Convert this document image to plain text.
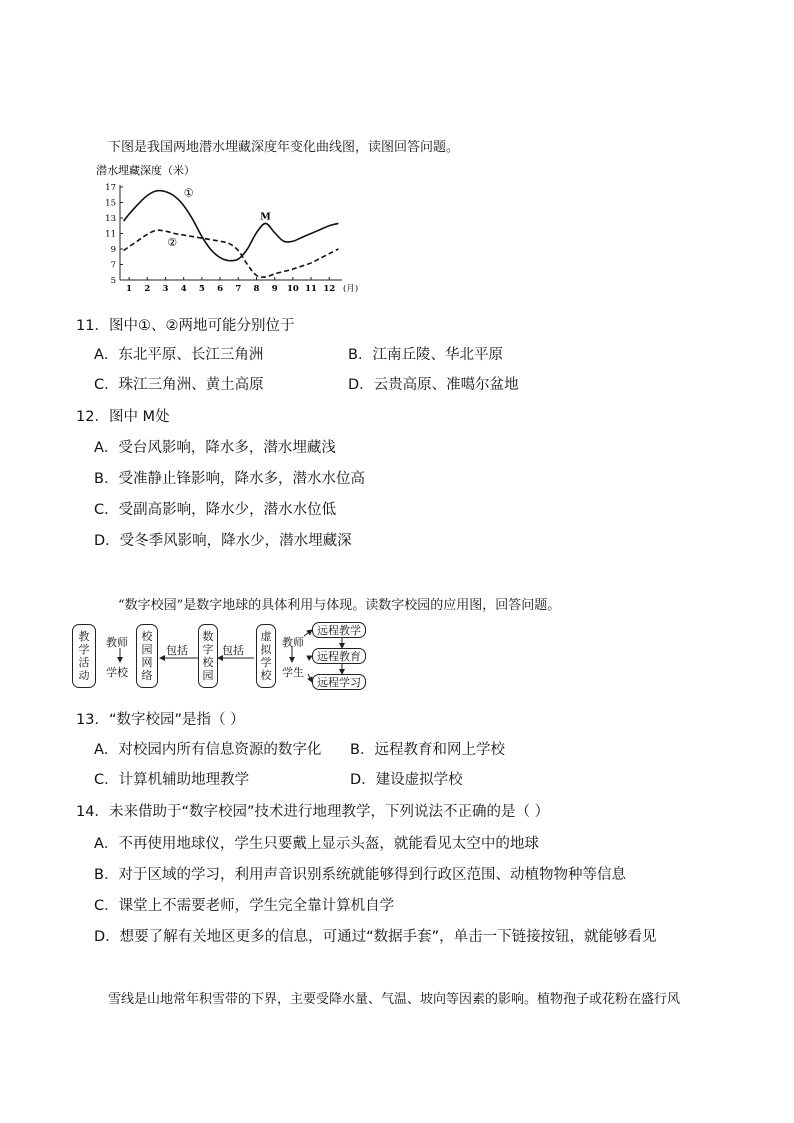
下图是我国两地潜水埋藏深度年变化曲线图，读图回答问题。
潜水埋藏深度（米）
17
15
13
11
9
7
5
1 2 3 4 5 6 7 8 9 10 11 12 (月)
①
②
M
11．图中①、②两地可能分别位于
A．东北平原、长江三角洲	B．江南丘陵、华北平原
C．珠江三角洲、黄土高原	D．云贵高原、准噶尔盆地
12．图中 M处
A．受台风影响，降水多，潜水埋藏浅
B．受准静止锋影响，降水多，潜水水位高
C．受副高影响，降水少，潜水水位低
D．受冬季风影响，降水少，潜水埋藏深
“数字校园”是数字地球的具体利用与体现。读数字校园的应用图，回答问题。
教学活动
教师
学校
校园网络
包括
数字校园
包括
虚拟学校
教师
学生
远程教学
远程教育
远程学习
13．“数字校园”是指（ ）
A．对校园内所有信息资源的数字化 B．远程教育和网上学校
C．计算机辅助地理教学	D．建设虚拟学校
14．未来借助于“数字校园”技术进行地理教学，下列说法不正确的是（ ）
A．不再使用地球仪，学生只要戴上显示头盔，就能看见太空中的地球
B．对于区域的学习，利用声音识别系统就能够得到行政区范围、动植物物种等信息
C．课堂上不需要老师，学生完全靠计算机自学
D．想要了解有关地区更多的信息，可通过“数据手套”，单击一下链接按钮，就能够看见
雪线是山地常年积雪带的下界，主要受降水量、气温、坡向等因素的影响。植物孢子或花粉在盛行风
